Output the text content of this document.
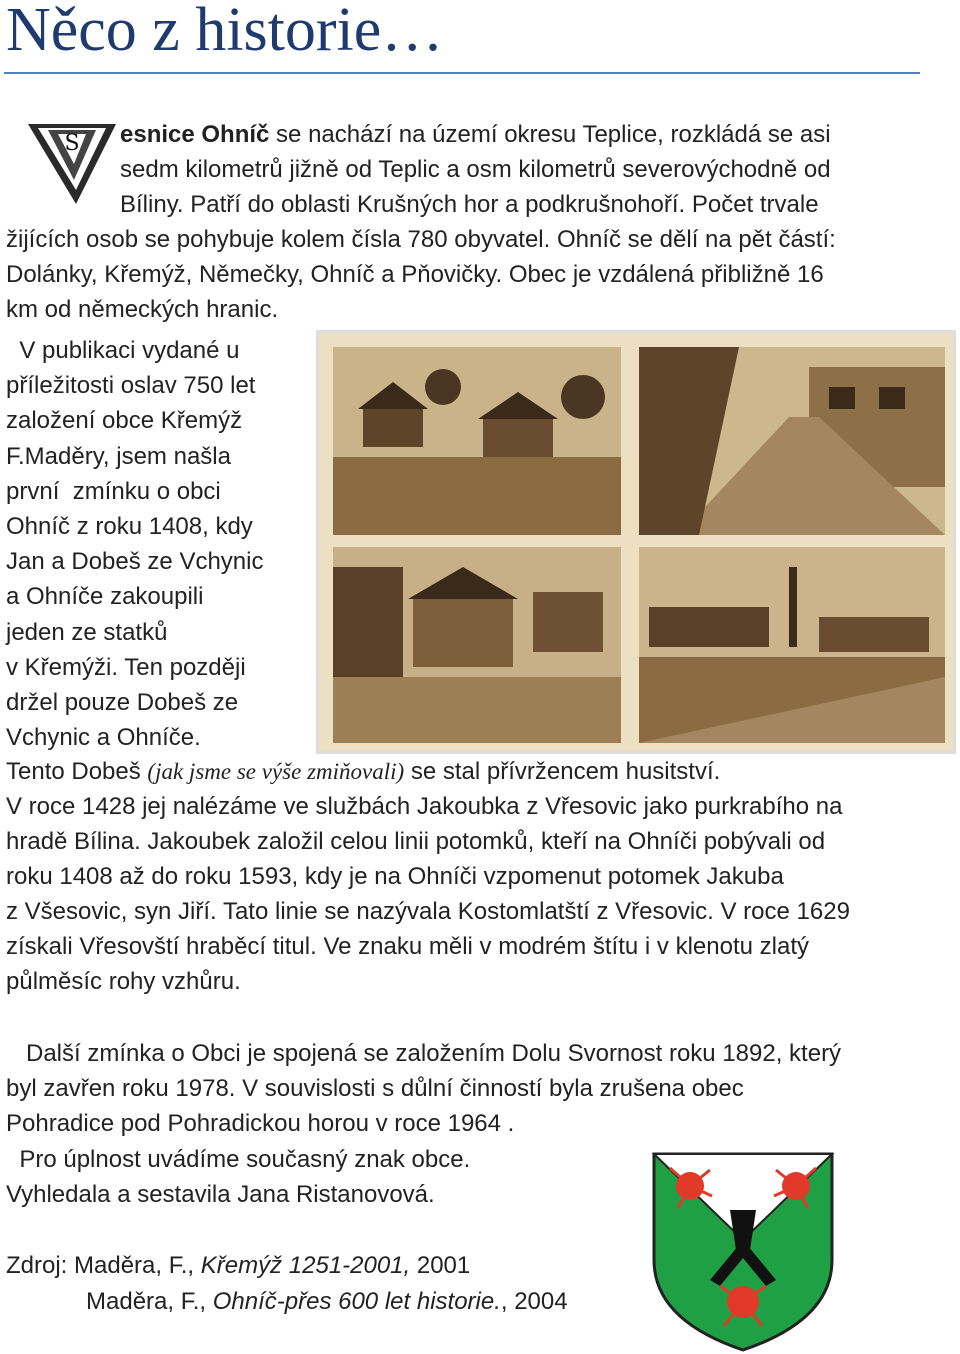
Něco z historie…
S esnice Ohníč se nachází na území okresu Teplice, rozkládá se asi
sedm kilometrů jižně od Teplic a osm kilometrů severovýchodně od
Bíliny. Patří do oblasti Krušných hor a podkrušnohoří. Počet trvale
žijících osob se pohybuje kolem čísla 780 obyvatel. Ohníč se dělí na pět částí:
Dolánky, Křemýž, Němečky, Ohníč a Pňovičky. Obec je vzdálená přibližně 16
km od německých hranic.
V publikaci vydané u
příležitosti oslav 750 let
založení obce Křemýž
F.Maděry, jsem našla
první  zmínku o obci
Ohníč z roku 1408, kdy
Jan a Dobeš ze Vchynic
a Ohníče zakoupili
jeden ze statků
v Křemýži. Ten později
držel pouze Dobeš ze
Vchynic a Ohníče.
Tento Dobeš (jak jsme se výše zmiňovali) se stal přívržencem husitství.
V roce 1428 jej nalézáme ve službách Jakoubka z Vřesovic jako purkrabího na
hradě Bílina. Jakoubek založil celou linii potomků, kteří na Ohníči pobývali od
roku 1408 až do roku 1593, kdy je na Ohníči vzpomenut potomek Jakuba
z Všesovic, syn Jiří. Tato linie se nazývala Kostomlatští z Vřesovic. V roce 1629
získali Vřesovští hraběcí titul. Ve znaku měli v modrém štítu i v klenotu zlatý
půlměsíc rohy vzhůru.
Další zmínka o Obci je spojená se založením Dolu Svornost roku 1892, který
byl zavřen roku 1978. V souvislosti s důlní činností byla zrušena obec
Pohradice pod Pohradickou horou v roce 1964 .
Pro úplnost uvádíme současný znak obce.
Vyhledala a sestavila Jana Ristanovová.
Zdroj: Maděra, F., Křemýž 1251-2001, 2001
Maděra, F., Ohníč-přes 600 let historie., 2004
